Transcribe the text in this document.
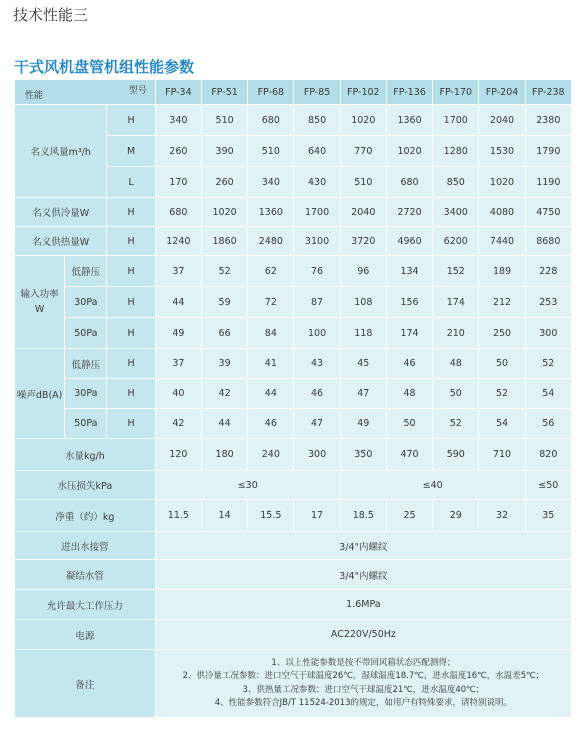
技术性能三
干式风机盘管机组性能参数
型号
性能			FP-34	FP-51	FP-68	FP-85	FP-102	FP-136	FP-170	FP-204	FP-238
名义风量m³/h		H	340	510	680	850	1020	1360	1700	2040	2380
		M	260	390	510	640	770	1020	1280	1530	1790
		L	170	260	340	430	510	680	850	1020	1190
名义供冷量W		H	680	1020	1360	1700	2040	2720	3400	4080	4750
名义供热量W		H	1240	1860	2480	3100	3720	4960	6200	7440	8680

输入功率
W	低静压	H	37	52	62	76	96	134	152	189	228
	30Pa	H	44	59	72	87	108	156	174	212	253
	50Pa	H	49	66	84	100	118	174	210	250	300
噪声dB(A)	低静压	H	37	39	41	43	45	46	48	50	52
	30Pa	H	40	42	44	46	47	48	50	52	54
	50Pa	H	42	44	46	47	49	50	52	54	56
水量kg/h			120	180	240	300	350	470	590	710	820
水压损失kPa			≤30				≤40				≤50
净重（约）kg			11.5	14	15.5	17	18.5	25	29	32	35
进出水接管			3/4"内螺纹								
凝结水管			3/4"内螺纹								
允许最大工作压力			1.6MPa								
电源			AC220V/50Hz								
备注			1、以上性能参数是按不带回风箱状态匹配测得；
2、供冷量工况参数：进口空气干球温度26℃，湿球温度18.7℃，进水温度16℃，水温差5℃；
3、供热量工况参数：进口空气干球温度21℃，进水温度40℃；
4、性能参数符合JB/T 11524-2013的规定，如用户有特殊要求，请特别说明。								
